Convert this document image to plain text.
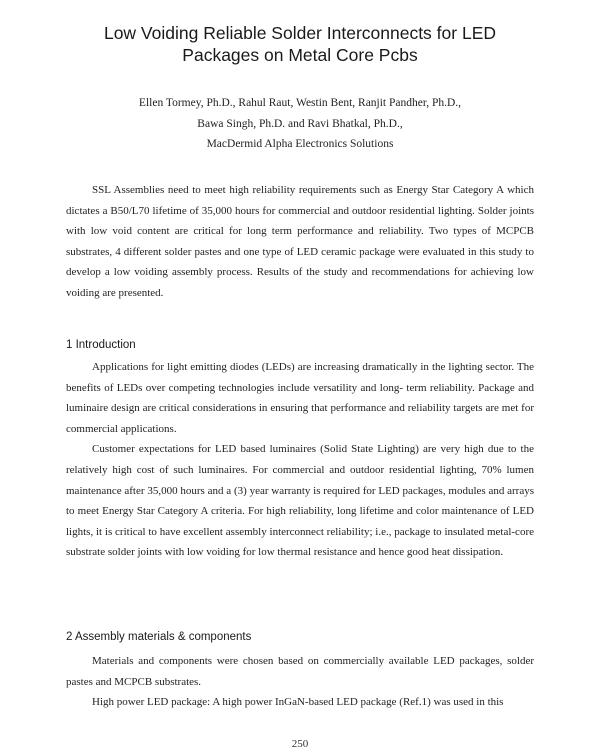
Low Voiding Reliable Solder Interconnects for LED
Packages on Metal Core Pcbs
Ellen Tormey, Ph.D., Rahul Raut, Westin Bent, Ranjit Pandher, Ph.D.,
Bawa Singh, Ph.D. and Ravi Bhatkal, Ph.D.,
MacDermid Alpha Electronics Solutions

SSL Assemblies need to meet high reliability requirements such as Energy Star Category A which dictates a B50/L70 lifetime of 35,000 hours for commercial and outdoor residential lighting. Solder joints with low void content are critical for long term performance and reliability. Two types of MCPCB substrates, 4 different solder pastes and one type of LED ceramic package were evaluated in this study to develop a low voiding assembly process. Results of the study and recommendations for achieving low voiding are presented.

1 Introduction

Applications for light emitting diodes (LEDs) are increasing dramatically in the lighting sector. The benefits of LEDs over competing technologies include versatility and long- term reliability. Package and luminaire design are critical considerations in ensuring that performance and reliability targets are met for commercial applications.

Customer expectations for LED based luminaires (Solid State Lighting) are very high due to the relatively high cost of such luminaires. For commercial and outdoor residential lighting, 70% lumen maintenance after 35,000 hours and a (3) year warranty is required for LED packages, modules and arrays to meet Energy Star Category A criteria. For high reliability, long lifetime and color maintenance of LED lights, it is critical to have excellent assembly interconnect reliability; i.e., package to insulated metal-core substrate solder joints with low voiding for low thermal resistance and hence good heat dissipation.

2 Assembly materials & components

Materials and components were chosen based on commercially available LED packages, solder pastes and MCPCB substrates.

High power LED package: A high power InGaN-based LED package (Ref.1) was used in this

250
